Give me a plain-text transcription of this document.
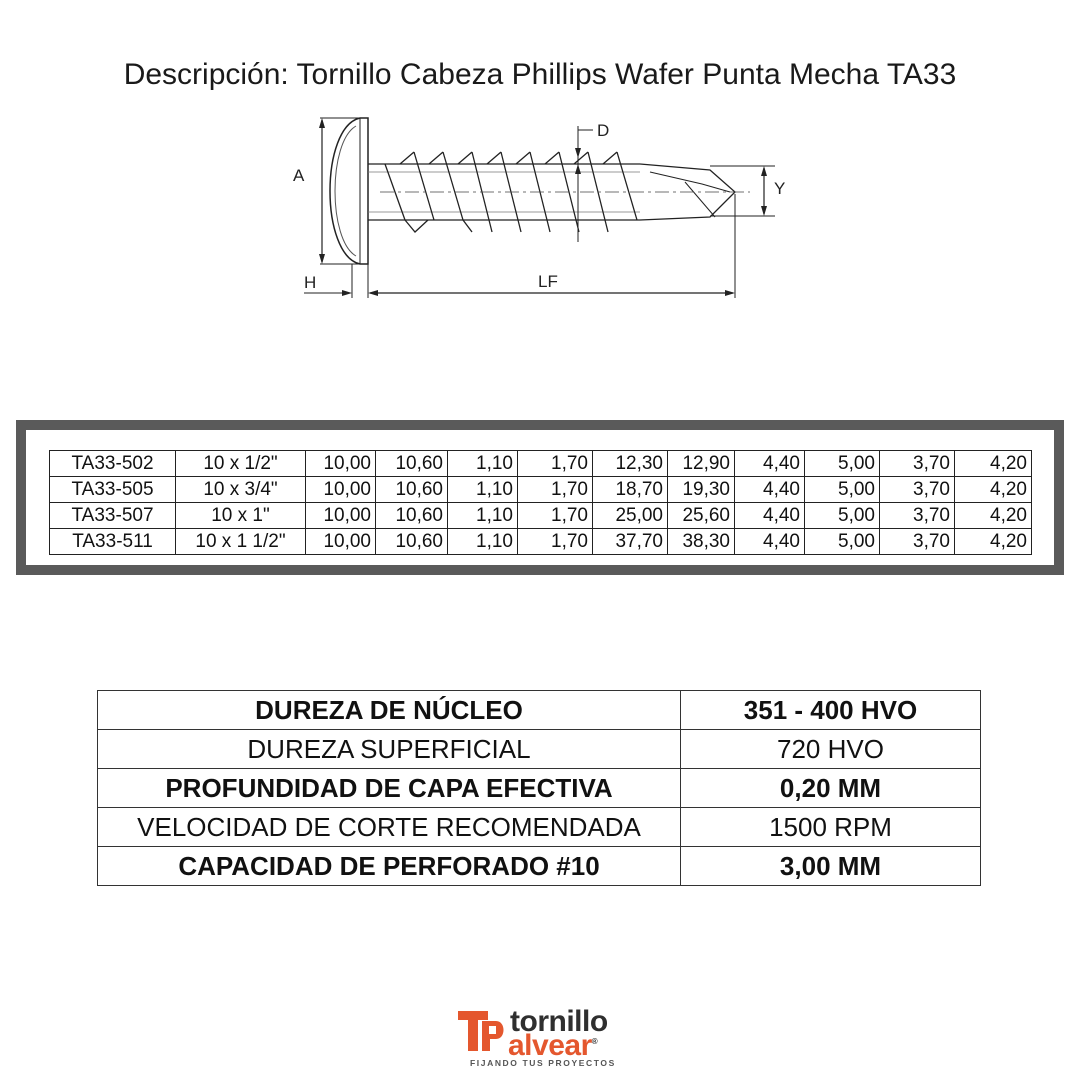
Descripción: Tornillo Cabeza Phillips Wafer Punta Mecha TA33
A
D
Y
H	LF
TA33-502	10 x 1/2"	10,00	10,60	1,10	1,70	12,30	12,90	4,40	5,00	3,70	4,20
TA33-505	10 x 3/4"	10,00	10,60	1,10	1,70	18,70	19,30	4,40	5,00	3,70	4,20
TA33-507	10 x 1"	10,00	10,60	1,10	1,70	25,00	25,60	4,40	5,00	3,70	4,20
TA33-511	10 x 1 1/2"	10,00	10,60	1,10	1,70	37,70	38,30	4,40	5,00	3,70	4,20
DUREZA DE NÚCLEO	351 - 400 HVO
DUREZA SUPERFICIAL	720 HVO
PROFUNDIDAD DE CAPA EFECTIVA	0,20 MM
VELOCIDAD DE CORTE RECOMENDADA	1500 RPM
CAPACIDAD DE PERFORADO #10	3,00 MM
tornillo
alvear®
FIJANDO TUS PROYECTOS
